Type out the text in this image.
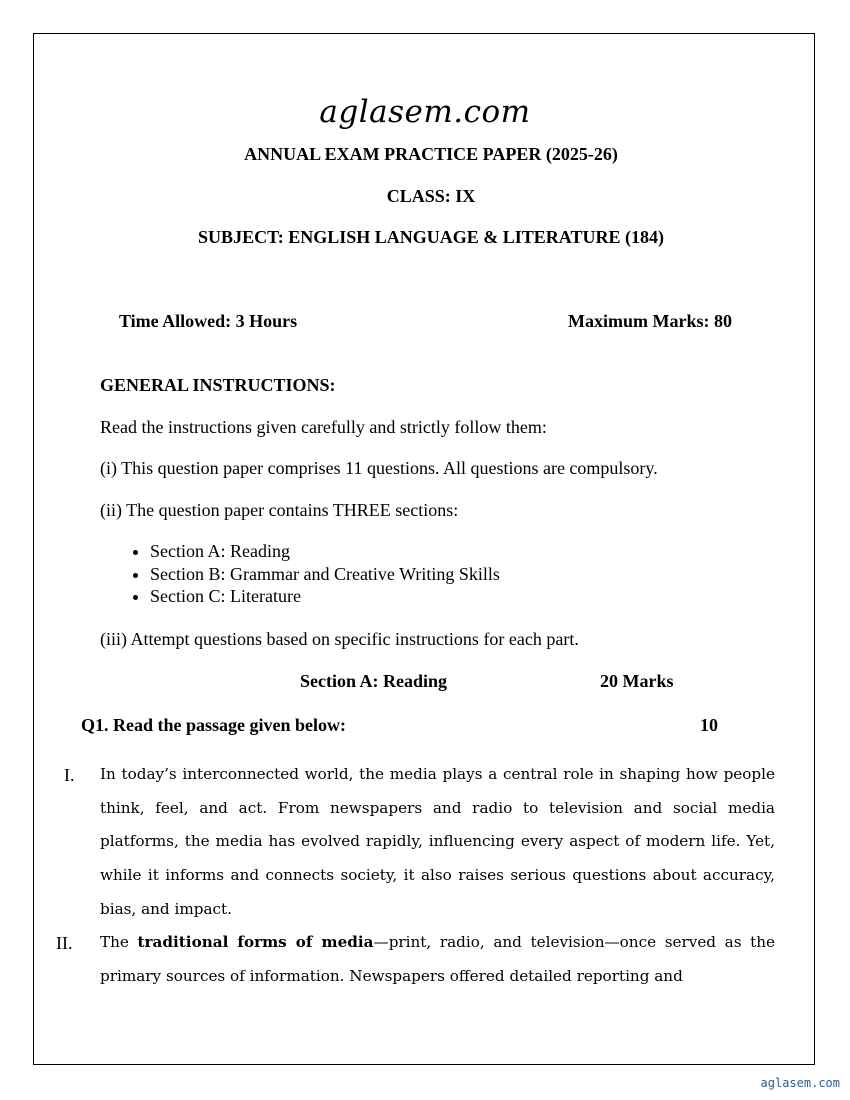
aglasem.com
ANNUAL EXAM PRACTICE PAPER (2025-26)
CLASS: IX
SUBJECT: ENGLISH LANGUAGE & LITERATURE (184)
Time Allowed: 3 Hours	Maximum Marks: 80
GENERAL INSTRUCTIONS:
Read the instructions given carefully and strictly follow them:
(i) This question paper comprises 11 questions. All questions are compulsory.
(ii) The question paper contains THREE sections:
• Section A: Reading
• Section B: Grammar and Creative Writing Skills
• Section C: Literature
(iii) Attempt questions based on specific instructions for each part.
Section A: Reading	20 Marks
Q1. Read the passage given below:	10
I. In today’s interconnected world, the media plays a central role in shaping how people think, feel, and act. From newspapers and radio to television and social media platforms, the media has evolved rapidly, influencing every aspect of modern life. Yet, while it informs and connects society, it also raises serious questions about accuracy, bias, and impact.
II. The traditional forms of media—print, radio, and television—once served as the primary sources of information. Newspapers offered detailed reporting and
aglasem.com
